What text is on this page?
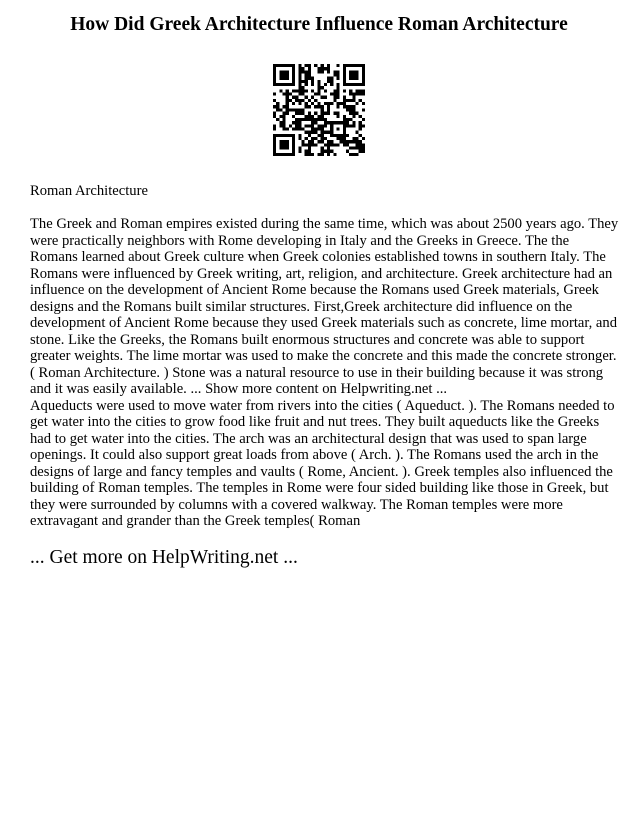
How Did Greek Architecture Influence Roman Architecture
Roman Architecture

The Greek and Roman empires existed during the same time, which was about 2500 years ago. They were practically neighbors with Rome developing in Italy and the Greeks in Greece. The the Romans learned about Greek culture when Greek colonies established towns in southern Italy. The Romans were influenced by Greek writing, art, religion, and architecture. Greek architecture had an influence on the development of Ancient Rome because the Romans used Greek materials, Greek designs and the Romans built similar structures. First,Greek architecture did influence on the development of Ancient Rome because they used Greek materials such as concrete, lime mortar, and stone. Like the Greeks, the Romans built enormous structures and concrete was able to support greater weights. The lime mortar was used to make the concrete and this made the concrete stronger.( Roman Architecture. ) Stone was a natural resource to use in their building because it was strong and it was easily available. ... Show more content on Helpwriting.net ...

Aqueducts were used to move water from rivers into the cities ( Aqueduct. ). The Romans needed to get water into the cities to grow food like fruit and nut trees. They built aqueducts like the Greeks had to get water into the cities. The arch was an architectural design that was used to span large openings. It could also support great loads from above ( Arch. ). The Romans used the arch in the designs of large and fancy temples and vaults ( Rome, Ancient. ). Greek temples also influenced the building of Roman temples. The temples in Rome were four sided building like those in Greek, but they were surrounded by columns with a covered walkway. The Roman temples were more extravagant and grander than the Greek temples( Roman

... Get more on HelpWriting.net ...
